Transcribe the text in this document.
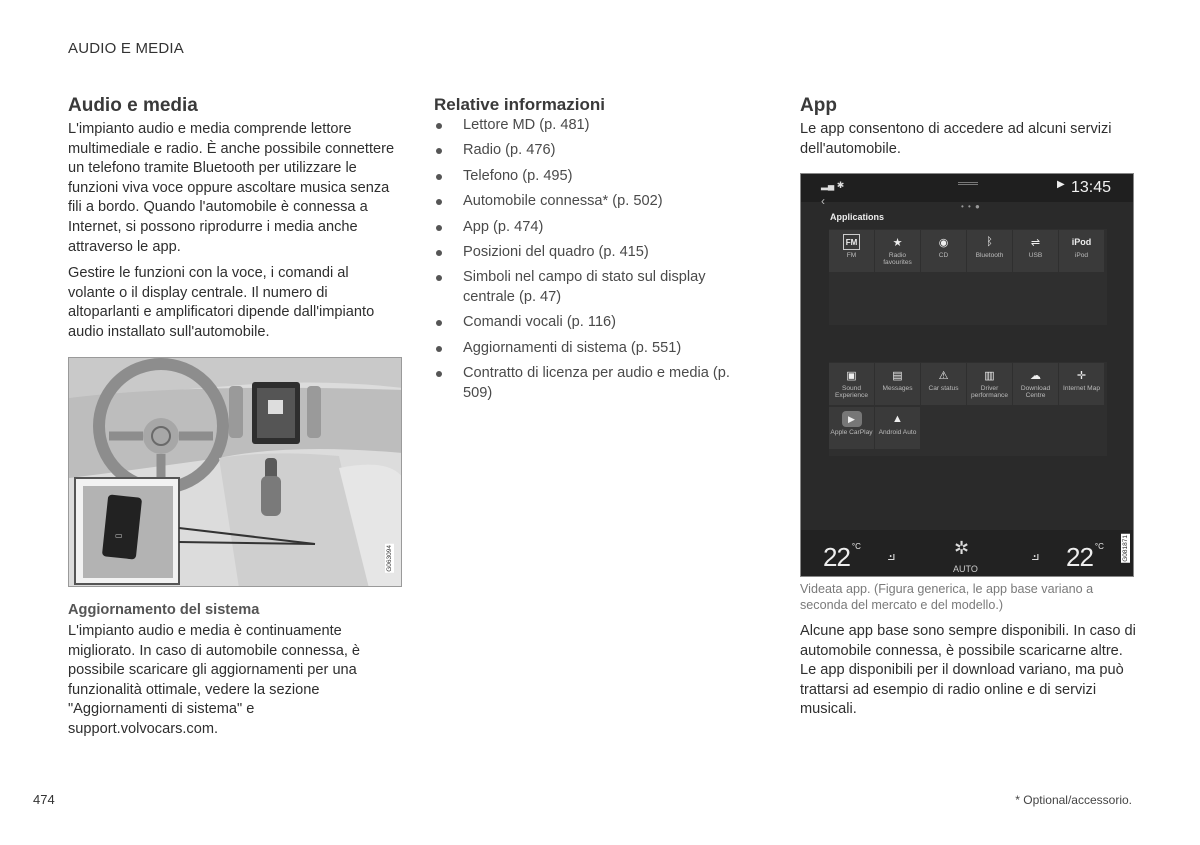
AUDIO E MEDIA
Audio e media

L'impianto audio e media comprende lettore multimediale e radio. È anche possibile connettere un telefono tramite Bluetooth per utilizzare le funzioni viva voce oppure ascoltare musica senza fili a bordo. Quando l'automobile è connessa a Internet, si possono riprodurre i media anche attraverso le app.

Gestire le funzioni con la voce, i comandi al volante o il display centrale. Il numero di altoparlanti e amplificatori dipende dall'impianto audio installato sull'automobile.

▭
G063094
Aggiornamento del sistema

L'impianto audio e media è continuamente migliorato. In caso di automobile connessa, è possibile scaricare gli aggiornamenti per una funzionalità ottimale, vedere la sezione "Aggiornamenti di sistema" e support.volvocars.com.

Relative informazioni
Lettore MD (p. 481)
Radio (p. 476)
Telefono (p. 495)
Automobile connessa* (p. 502)
App (p. 474)
Posizioni del quadro (p. 415)
Simboli nel campo di stato sul display centrale (p. 47)
Comandi vocali (p. 116)
Aggiornamenti di sistema (p. 551)
Contratto di licenza per audio e media (p. 509)
App

Le app consentono di accedere ad alcuni servizi dell'automobile.

▂▄ ✱	▶ 13:45
‹	• • ●
Applications
FM
FM
★
Radio favourites
◉
CD
ᛒ
Bluetooth
⇌
USB
iPod
iPod
▣
Sound Experience
▤
Messages
⚠
Car status
▥
Driver performance
☁
Download Centre
✛
Internet Map
▶
Apple CarPlay
▲
Android Auto
22 $^{^\circ C}$ ⟓	✲
AUTO
⟓ 22 $^{^\circ C}$	G081871

Videata app. (Figura generica, le app base variano a seconda del mercato e del modello.)

Alcune app base sono sempre disponibili. In caso di automobile connessa, è possibile scaricarne altre. Le app disponibili per il download variano, ma può trattarsi ad esempio di radio online e di servizi musicali.

474	* Optional/accessorio.
